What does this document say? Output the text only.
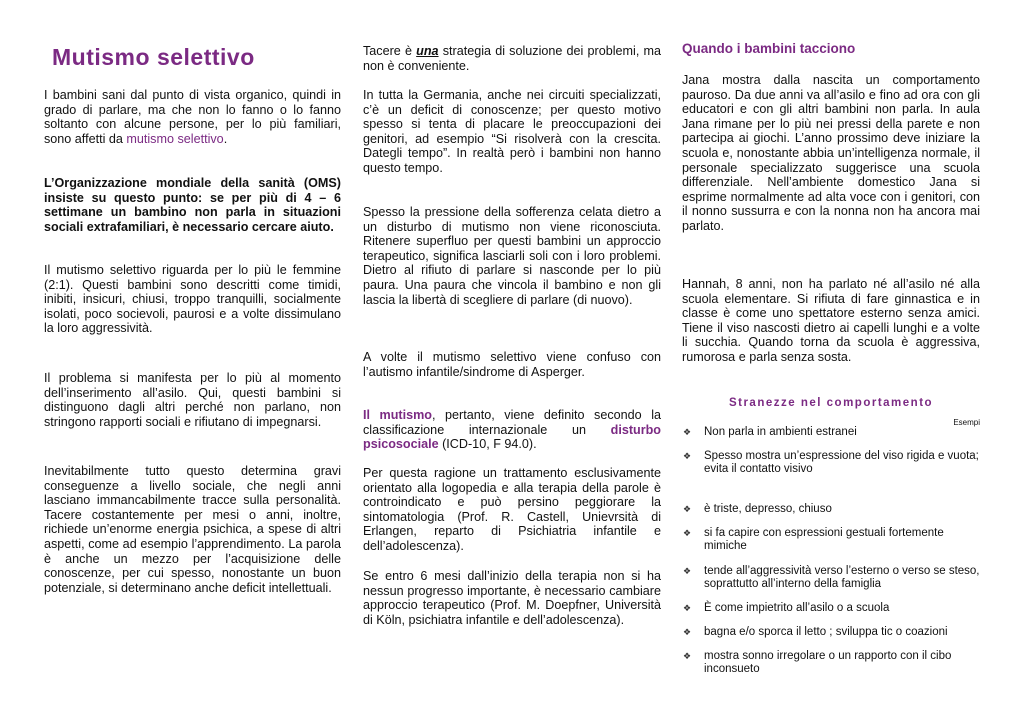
Mutismo selettivo

I bambini sani dal punto di vista organico, quindi in grado di parlare, ma che non lo fanno o lo fanno soltanto con alcune persone, per lo più familiari, sono affetti da mutismo selettivo.

L’Organizzazione mondiale della sanità (OMS) insiste su questo punto: se per più di 4 – 6 settimane un bambino non parla in situazioni sociali extrafamiliari, è necessario cercare aiuto.

Il mutismo selettivo riguarda per lo più le femmine (2:1). Questi bambini sono descritti come timidi, inibiti, insicuri, chiusi, troppo tranquilli, socialmente isolati, poco socievoli, paurosi e a volte dissimulano la loro aggressività.

Il problema si manifesta per lo più al momento dell’inserimento all’asilo. Qui, questi bambini si distinguono dagli altri perché non parlano, non stringono rapporti sociali e rifiutano di impegnarsi.

Inevitabilmente tutto questo determina gravi conseguenze a livello sociale, che negli anni lasciano immancabilmente tracce sulla personalità. Tacere costantemente per mesi o anni, inoltre, richiede un’enorme energia psichica, a spese di altri aspetti, come ad esempio l’apprendimento. La parola è anche un mezzo per l’acquisizione delle conoscenze, per cui spesso, nonostante un buon potenziale, si determinano anche deficit intellettuali.

Tacere è una strategia di soluzione dei problemi, ma non è conveniente.

In tutta la Germania, anche nei circuiti specializzati, c’è un deficit di conoscenze; per questo motivo spesso si tenta di placare le preoccupazioni dei genitori, ad esempio “Si risolverà con la crescita. Dategli tempo”. In realtà però i bambini non hanno questo tempo.

Spesso la pressione della sofferenza celata dietro a un disturbo di mutismo non viene riconosciuta. Ritenere superfluo per questi bambini un approccio terapeutico, significa lasciarli soli con i loro problemi. Dietro al rifiuto di parlare si nasconde per lo più paura. Una paura che vincola il bambino e non gli lascia la libertà di scegliere di parlare (di nuovo).

A volte il mutismo selettivo viene confuso con l’autismo infantile/sindrome di Asperger.

Il mutismo, pertanto, viene definito secondo la classificazione internazionale un disturbo psicosociale (ICD-10, F 94.0).

Per questa ragione un trattamento esclusivamente orientato alla logopedia e alla terapia della parole è controindicato e può persino peggiorare la sintomatologia (Prof. R. Castell, Unievrsità di Erlangen, reparto di Psichiatria infantile e dell’adolescenza).

Se entro 6 mesi dall’inizio della terapia non si ha nessun progresso importante, è necessario cambiare approccio terapeutico (Prof. M. Doepfner, Università di Köln, psichiatra infantile e dell’adolescenza).

Quando i bambini tacciono

Jana mostra dalla nascita un comportamento pauroso. Da due anni va all’asilo e fino ad ora con gli educatori e con gli altri bambini non parla. In aula Jana rimane per lo più nei pressi della parete e non partecipa ai giochi. L’anno prossimo deve iniziare la scuola e, nonostante abbia un’intelligenza normale, il personale specializzato suggerisce una scuola differenziale. Nell’ambiente domestico Jana si esprime normalmente ad alta voce con i genitori, con il nonno sussurra e con la nonna non ha ancora mai parlato.

Hannah, 8 anni, non ha parlato né all’asilo né alla scuola elementare. Si rifiuta di fare ginnastica e in classe è come uno spettatore esterno senza amici. Tiene il viso nascosti dietro ai capelli lunghi e a volte li succhia. Quando torna da scuola è aggressiva, rumorosa e parla senza sosta.

Stranezze nel comportamento

Esempi

❖ Non parla in ambienti estranei
❖ Spesso mostra un’espressione del viso rigida e vuota;
evita il contatto visivo
❖ è triste, depresso, chiuso
❖ si fa capire con espressioni gestuali fortemente mimiche
❖ tende all’aggressività verso l’esterno o verso se steso, soprattutto all’interno della famiglia
❖ È come impietrito all’asilo o a scuola
❖ bagna e/o sporca il letto ; sviluppa tic o coazioni
❖ mostra sonno irregolare o un rapporto con il cibo inconsueto
